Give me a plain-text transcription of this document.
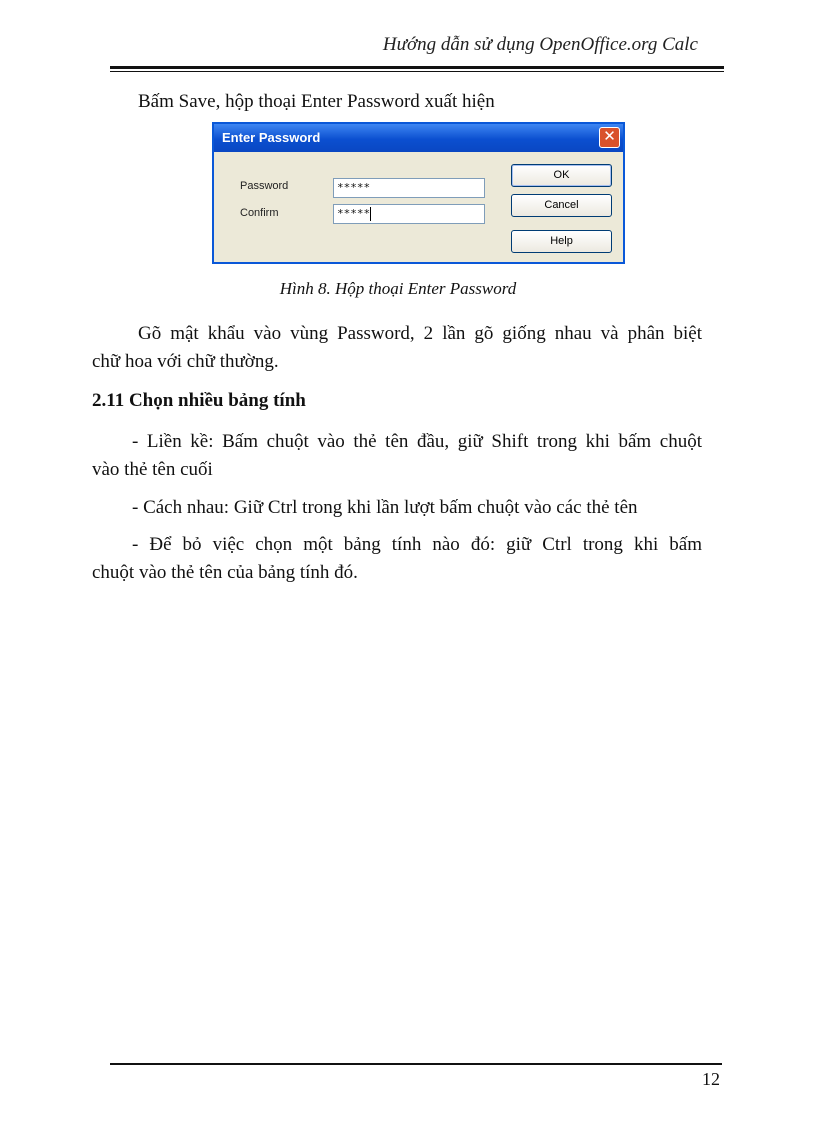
Hướng dẫn sử dụng OpenOffice.org Calc
Bấm Save, hộp thoại Enter Password xuất hiện
Enter Password	✕
Password	*****
Confirm	*****
OK
Cancel
Help
Hình 8. Hộp thoại Enter Password
Gõ mật khẩu vào vùng Password, 2 lần gõ giống nhau và phân biệt
chữ hoa với chữ thường.
2.11 Chọn nhiều bảng tính
- Liền kề: Bấm chuột vào thẻ tên đầu, giữ Shift trong khi bấm chuột
vào thẻ tên cuối
- Cách nhau: Giữ Ctrl trong khi lần lượt bấm chuột vào các thẻ tên
- Để bỏ việc chọn một bảng tính nào đó: giữ Ctrl trong khi bấm
chuột vào thẻ tên của bảng tính đó.
12
